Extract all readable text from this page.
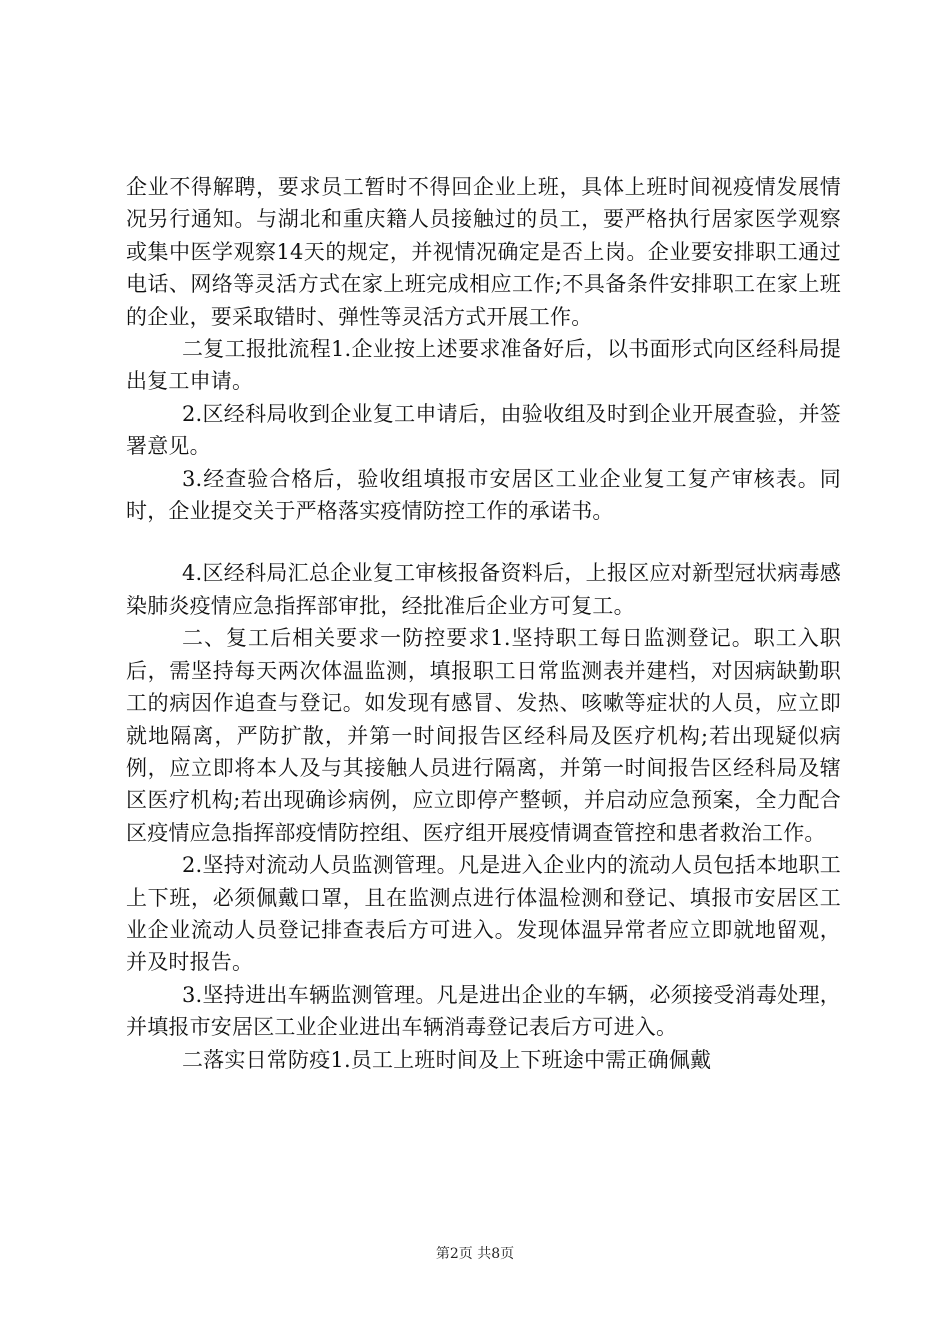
企业不得解聘，要求员工暂时不得回企业上班，具体上班时间视疫情发展情况另行通知。与湖北和重庆籍人员接触过的员工，要严格执行居家医学观察或集中医学观察14天的规定，并视情况确定是否上岗。企业要安排职工通过电话、网络等灵活方式在家上班完成相应工作;不具备条件安排职工在家上班的企业，要采取错时、弹性等灵活方式开展工作。

二复工报批流程1.企业按上述要求准备好后，以书面形式向区经科局提出复工申请。

2.区经科局收到企业复工申请后，由验收组及时到企业开展查验，并签署意见。

3.经查验合格后，验收组填报市安居区工业企业复工复产审核表。同时，企业提交关于严格落实疫情防控工作的承诺书。

4.区经科局汇总企业复工审核报备资料后，上报区应对新型冠状病毒感染肺炎疫情应急指挥部审批，经批准后企业方可复工。

二、复工后相关要求一防控要求1.坚持职工每日监测登记。职工入职后，需坚持每天两次体温监测，填报职工日常监测表并建档，对因病缺勤职工的病因作追查与登记。如发现有感冒、发热、咳嗽等症状的人员，应立即就地隔离，严防扩散，并第一时间报告区经科局及医疗机构;若出现疑似病例，应立即将本人及与其接触人员进行隔离，并第一时间报告区经科局及辖区医疗机构;若出现确诊病例，应立即停产整顿，并启动应急预案，全力配合区疫情应急指挥部疫情防控组、医疗组开展疫情调查管控和患者救治工作。

2.坚持对流动人员监测管理。凡是进入企业内的流动人员包括本地职工上下班，必须佩戴口罩，且在监测点进行体温检测和登记、填报市安居区工业企业流动人员登记排查表后方可进入。发现体温异常者应立即就地留观，并及时报告。

3.坚持进出车辆监测管理。凡是进出企业的车辆，必须接受消毒处理，并填报市安居区工业企业进出车辆消毒登记表后方可进入。

二落实日常防疫1.员工上班时间及上下班途中需正确佩戴

第2页 共8页
